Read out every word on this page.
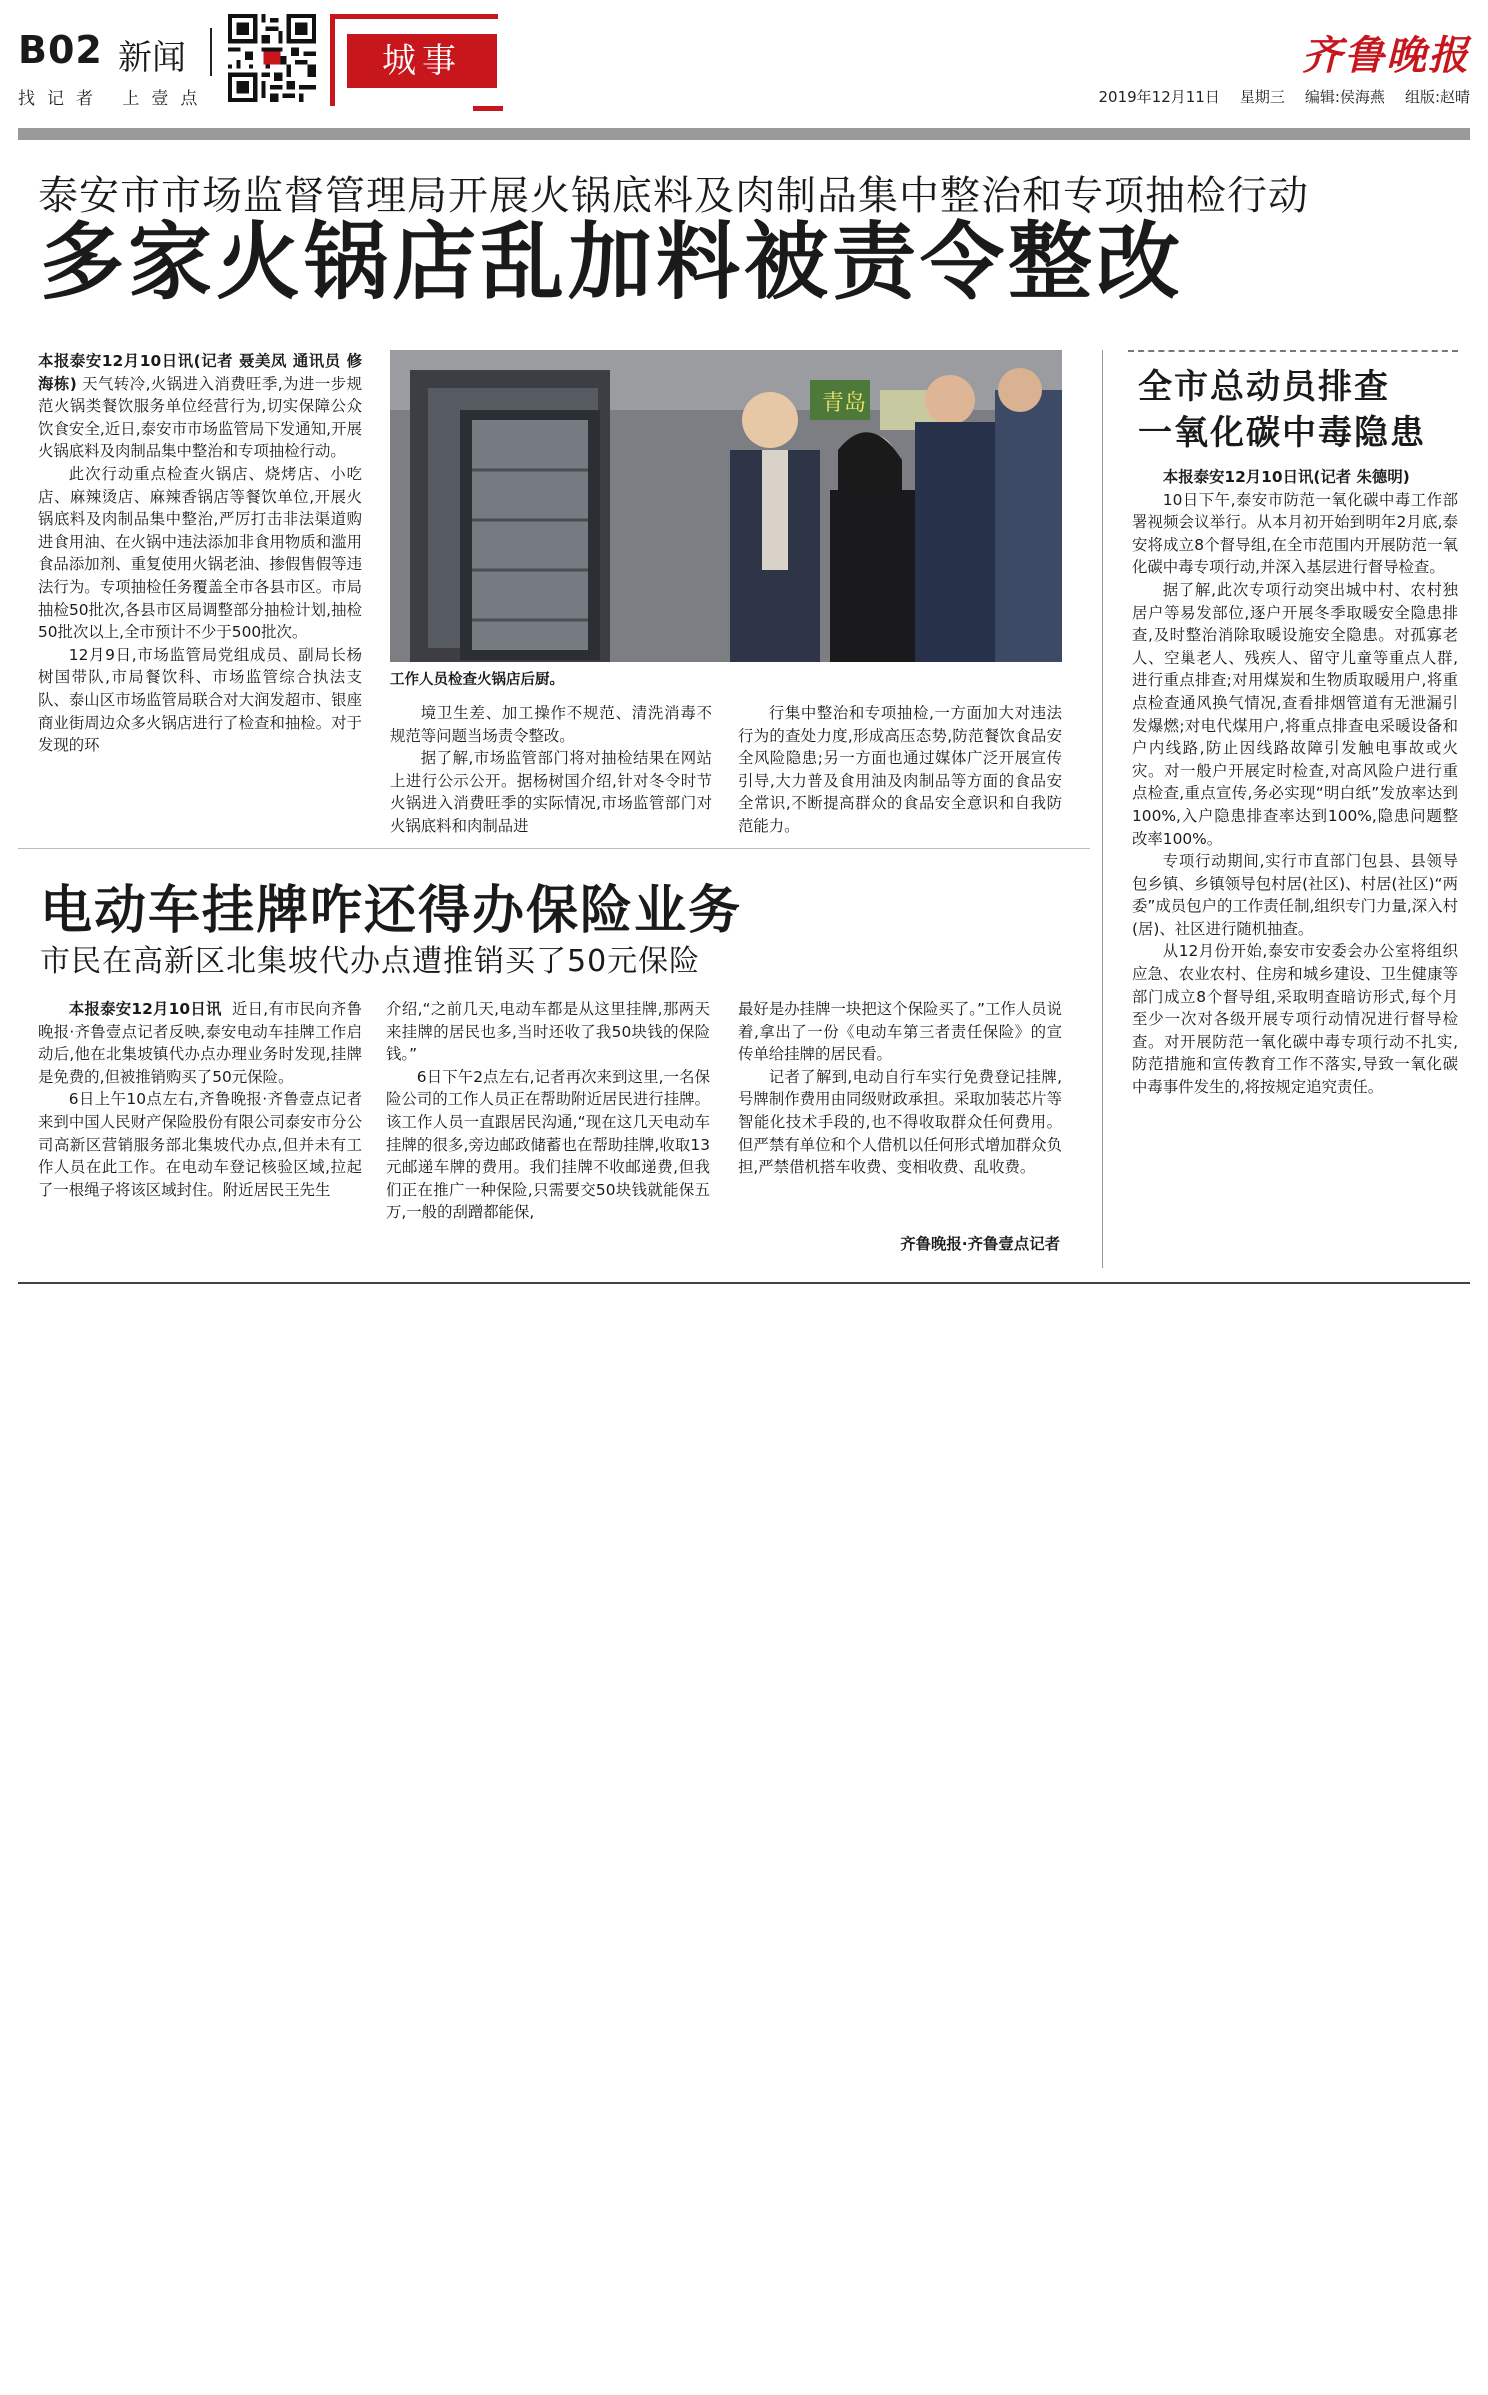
B02 新闻
找记者 上壹点
城事	齐鲁晚报
2019年12月11日 星期三 编辑:侯海燕 组版:赵晴
泰安市市场监督管理局开展火锅底料及肉制品集中整治和专项抽检行动
多家火锅店乱加料被责令整改

本报泰安12月10日讯(记者 聂美凤 通讯员 修海栋) 天气转冷,火锅进入消费旺季,为进一步规范火锅类餐饮服务单位经营行为,切实保障公众饮食安全,近日,泰安市市场监管局下发通知,开展火锅底料及肉制品集中整治和专项抽检行动。

此次行动重点检查火锅店、烧烤店、小吃店、麻辣烫店、麻辣香锅店等餐饮单位,开展火锅底料及肉制品集中整治,严厉打击非法渠道购进食用油、在火锅中违法添加非食用物质和滥用食品添加剂、重复使用火锅老油、掺假售假等违法行为。专项抽检任务覆盖全市各县市区。市局抽检50批次,各县市区局调整部分抽检计划,抽检50批次以上,全市预计不少于500批次。

12月9日,市场监管局党组成员、副局长杨树国带队,市局餐饮科、市场监管综合执法支队、泰山区市场监管局联合对大润发超市、银座商业街周边众多火锅店进行了检查和抽检。对于发现的环

青岛
工作人员检查火锅店后厨。

境卫生差、加工操作不规范、清洗消毒不规范等问题当场责令整改。

据了解,市场监管部门将对抽检结果在网站上进行公示公开。据杨树国介绍,针对冬令时节火锅进入消费旺季的实际情况,市场监管部门对火锅底料和肉制品进

行集中整治和专项抽检,一方面加大对违法行为的查处力度,形成高压态势,防范餐饮食品安全风险隐患;另一方面也通过媒体广泛开展宣传引导,大力普及食用油及肉制品等方面的食品安全常识,不断提高群众的食品安全意识和自我防范能力。

电动车挂牌咋还得办保险业务
市民在高新区北集坡代办点遭推销买了50元保险

本报泰安12月10日讯 近日,有市民向齐鲁晚报·齐鲁壹点记者反映,泰安电动车挂牌工作启动后,他在北集坡镇代办点办理业务时发现,挂牌是免费的,但被推销购买了50元保险。

6日上午10点左右,齐鲁晚报·齐鲁壹点记者来到中国人民财产保险股份有限公司泰安市分公司高新区营销服务部北集坡代办点,但并未有工作人员在此工作。在电动车登记核验区域,拉起了一根绳子将该区域封住。附近居民王先生

介绍,“之前几天,电动车都是从这里挂牌,那两天来挂牌的居民也多,当时还收了我50块钱的保险钱。”

6日下午2点左右,记者再次来到这里,一名保险公司的工作人员正在帮助附近居民进行挂牌。该工作人员一直跟居民沟通,“现在这几天电动车挂牌的很多,旁边邮政储蓄也在帮助挂牌,收取13元邮递车牌的费用。我们挂牌不收邮递费,但我们正在推广一种保险,只需要交50块钱就能保五万,一般的刮蹭都能保,

最好是办挂牌一块把这个保险买了。”工作人员说着,拿出了一份《电动车第三者责任保险》的宣传单给挂牌的居民看。

记者了解到,电动自行车实行免费登记挂牌,号牌制作费用由同级财政承担。采取加装芯片等智能化技术手段的,也不得收取群众任何费用。但严禁有单位和个人借机以任何形式增加群众负担,严禁借机搭车收费、变相收费、乱收费。

齐鲁晚报·齐鲁壹点记者
全市总动员排查
一氧化碳中毒隐患

本报泰安12月10日讯(记者 朱德明)

10日下午,泰安市防范一氧化碳中毒工作部署视频会议举行。从本月初开始到明年2月底,泰安将成立8个督导组,在全市范围内开展防范一氧化碳中毒专项行动,并深入基层进行督导检查。

据了解,此次专项行动突出城中村、农村独居户等易发部位,逐户开展冬季取暖安全隐患排查,及时整治消除取暖设施安全隐患。对孤寡老人、空巢老人、残疾人、留守儿童等重点人群,进行重点排查;对用煤炭和生物质取暖用户,将重点检查通风换气情况,查看排烟管道有无泄漏引发爆燃;对电代煤用户,将重点排查电采暖设备和户内线路,防止因线路故障引发触电事故或火灾。对一般户开展定时检查,对高风险户进行重点检查,重点宣传,务必实现“明白纸”发放率达到100%,入户隐患排查率达到100%,隐患问题整改率100%。

专项行动期间,实行市直部门包县、县领导包乡镇、乡镇领导包村居(社区)、村居(社区)“两委”成员包户的工作责任制,组织专门力量,深入村(居)、社区进行随机抽查。

从12月份开始,泰安市安委会办公室将组织应急、农业农村、住房和城乡建设、卫生健康等部门成立8个督导组,采取明查暗访形式,每个月至少一次对各级开展专项行动情况进行督导检查。对开展防范一氧化碳中毒专项行动不扎实,防范措施和宣传教育工作不落实,导致一氧化碳中毒事件发生的,将按规定追究责任。
